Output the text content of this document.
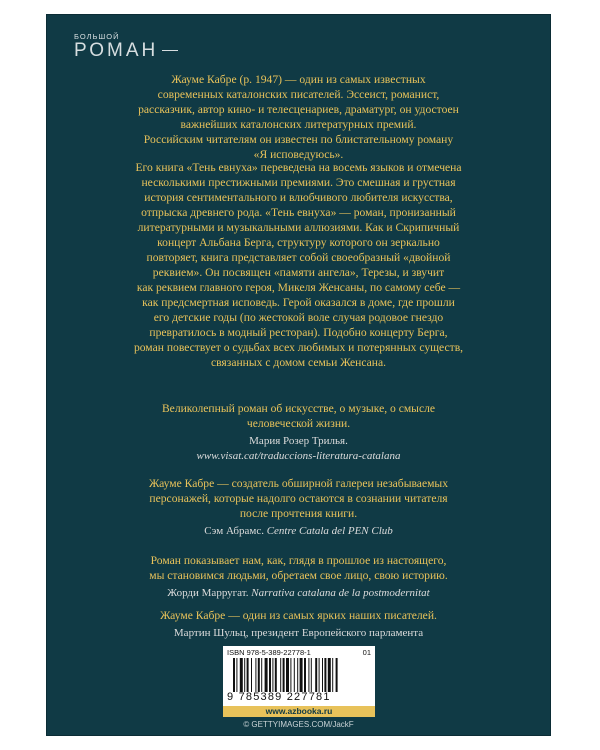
БОЛЬШОЙ
РОМАН
Жауме Кабре (р. 1947) — один из самых известных
современных каталонских писателей. Эссеист, романист,
рассказчик, автор кино- и телесценариев, драматург, он удостоен
важнейших каталонских литературных премий.
Российским читателям он известен по блистательному роману
«Я исповедуюсь».
Его книга «Тень евнуха» переведена на восемь языков и отмечена
несколькими престижными премиями. Это смешная и грустная
история сентиментального и влюбчивого любителя искусства,
отпрыска древнего рода. «Тень евнуха» — роман, пронизанный
литературными и музыкальными аллюзиями. Как и Скрипичный
концерт Альбана Берга, структуру которого он зеркально
повторяет, книга представляет собой своеобразный «двойной
реквием». Он посвящен «памяти ангела», Терезы, и звучит
как реквием главного героя, Микеля Женсаны, по самому себе —
как предсмертная исповедь. Герой оказался в доме, где прошли
его детские годы (по жестокой воле случая родовое гнездо
превратилось в модный ресторан). Подобно концерту Берга,
роман повествует о судьбах всех любимых и потерянных существ,
связанных с домом семьи Женсана.
Великолепный роман об искусстве, о музыке, о смысле
человеческой жизни.
Мария Розер Трилья.
www.visat.cat/traduccions-literatura-catalana
Жауме Кабре — создатель обширной галереи незабываемых
персонажей, которые надолго остаются в сознании читателя
после прочтения книги.
Сэм Абрамс. Centre Catala del PEN Club
Роман показывает нам, как, глядя в прошлое из настоящего,
мы становимся людьми, обретаем свое лицо, свою историю.
Жорди Марругат. Narrativa catalana de la postmodernitat
Жауме Кабре — один из самых ярких наших писателей.
Мартин Шульц, президент Европейского парламента
ISBN 978-5-389-22778-1	01
9 785389 227781
www.azbooka.ru
© GETTYIMAGES.COM/JackF
